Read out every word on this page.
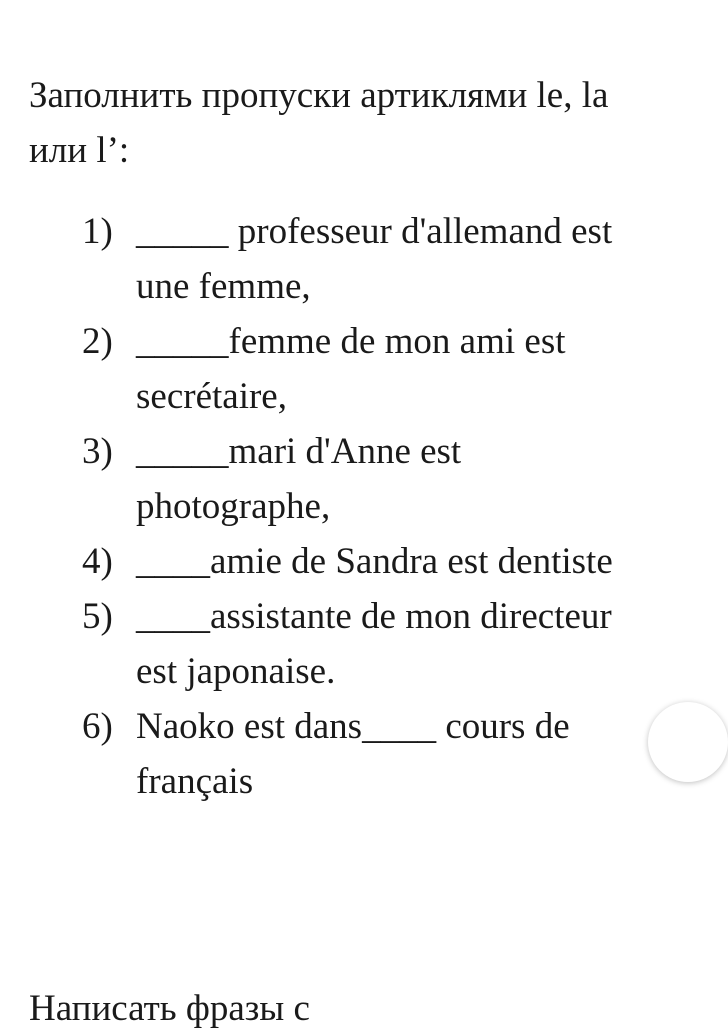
Заполнить пропуски артиклями le, la или l’:

1) _____ professeur d'allemand est une femme,
2) _____femme de mon ami est secrétaire,
3) _____mari d'Anne est photographe,
4) ____amie de Sandra est dentiste
5) ____assistante de mon directeur est japonaise.
6) Naoko est dans____ cours de français
Написать фразы с
